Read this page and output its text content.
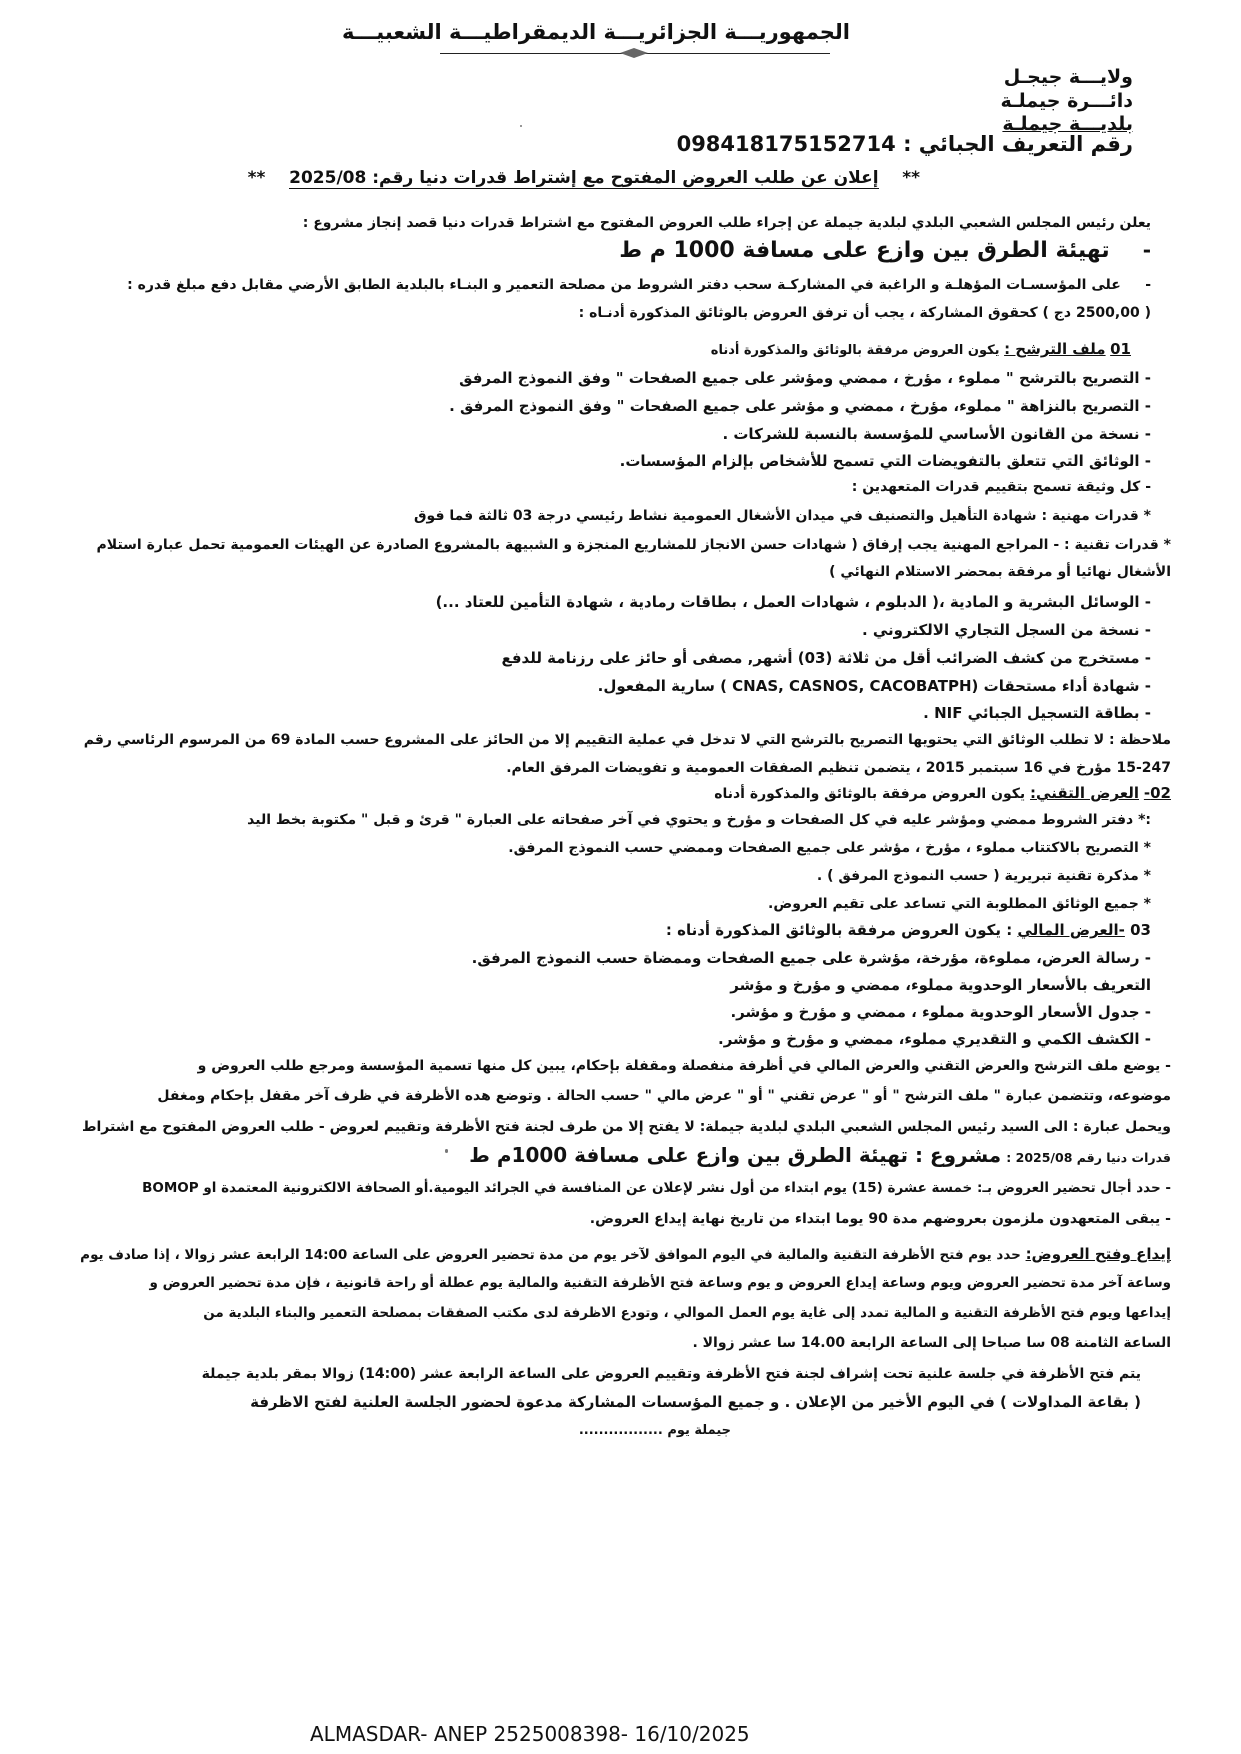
الجمهوريـــة الجزائريـــة الديمقراطيـــة الشعبيـــة
ولايـــة جيجـل
دائـــرة جيملـة
بلديـــة جيملـة
رقم التعريف الجبائي : 098418175152714
**    إعلان عن طلب العروض المفتوح مع إشتراط قدرات دنيا رقم: 2025/08    **
يعلن رئيس المجلس الشعبي البلدي لبلدية جيملة عن إجراء طلب العروض المفتوح مع اشتراط قدرات دنيا قصد إنجاز مشروع :
- تهيئة الطرق بين وازع على مسافة 1000 م ط
-     على المؤسسـات المؤهلـة و الراغبة في المشاركـة سحب دفتر الشروط من مصلحة التعمير و البنـاء بالبلدية الطابق الأرضي مقابل دفع مبلغ قدره :
( 2500,00 دج ) كحقوق المشاركة ، يجب أن ترفق العروض بالوثائق المذكورة أدنـاه :
01 ملف الترشح : يكون العروض مرفقة بالوثائق والمذكورة أدناه
- التصريح بالترشح " مملوء ، مؤرخ ، ممضي ومؤشر على جميع الصفحات " وفق النموذج المرفق
- التصريح بالنزاهة " مملوء، مؤرخ ، ممضي و مؤشر على جميع الصفحات " وفق النموذج المرفق .
- نسخة من القانون الأساسي للمؤسسة بالنسبة للشركات .
- الوثائق التي تتعلق بالتفويضات التي تسمح للأشخاص بإلزام المؤسسات.
- كل وثيقة تسمح بتقييم قدرات المتعهدين :
* قدرات مهنية : شهادة التأهيل والتصنيف في ميدان الأشغال العمومية نشاط رئيسي درجة 03 ثالثة فما فوق
* قدرات تقنية : - المراجع المهنية يجب إرفاق ( شهادات حسن الانجاز للمشاريع المنجزة و الشبيهة بالمشروع الصادرة عن الهيئات العمومية تحمل عبارة استلام
الأشغال نهائيا أو مرفقة بمحضر الاستلام النهائي )
- الوسائل البشرية و المادية ،( الدبلوم ، شهادات العمل ، بطاقات رمادية ، شهادة التأمين للعتاد ...)
- نسخة من السجل التجاري الالكتروني .
- مستخرج من كشف الضرائب أقل من ثلاثة (03) أشهر, مصفى أو حائز على رزنامة للدفع
- شهادة أداء مستحقات (CNAS, CASNOS, CACOBATPH ) سارية المفعول.
- بطاقة التسجيل الجبائي NIF .
ملاحظة : لا تطلب الوثائق التي يحتويها التصريح بالترشح التي لا تدخل في عملية التقييم إلا من الحائز على المشروع حسب المادة 69 من المرسوم الرئاسي رقم
15-247 مؤرخ في 16 سبتمبر 2015 ، يتضمن تنظيم الصفقات العمومية و تفويضات المرفق العام.
02- العرض التقني: يكون العروض مرفقة بالوثائق والمذكورة أدناه
:* دفتر الشروط ممضي ومؤشر عليه في كل الصفحات و مؤرخ و يحتوي في آخر صفحاته على العبارة " قرئ و قبل " مكتوبة بخط اليد
* التصريح بالاكتتاب مملوء ، مؤرخ ، مؤشر على جميع الصفحات وممضي حسب النموذج المرفق.
* مذكرة تقنية تبريرية ( حسب النموذج المرفق ) .
* جميع الوثائق المطلوبة التي تساعد على تقيم العروض.
03 -العرض المالي : يكون العروض مرفقة بالوثائق المذكورة أدناه :
- رسالة العرض، مملوءة، مؤرخة، مؤشرة على جميع الصفحات وممضاة حسب النموذج المرفق.
التعريف بالأسعار الوحدوية مملوء، ممضي و مؤرخ و مؤشر
- جدول الأسعار الوحدوية مملوء ، ممضي و مؤرخ و مؤشر.
- الكشف الكمي و التقديري مملوء، ممضي و مؤرخ و مؤشر.
- يوضع ملف الترشح والعرض التقني والعرض المالي في أظرفة منفصلة ومقفلة بإحكام، يبين كل منها تسمية المؤسسة ومرجع طلب العروض و
موضوعه، وتتضمن عبارة " ملف الترشح " أو " عرض تقني " أو " عرض مالي " حسب الحالة . وتوضع هده الأظرفة في ظرف آخر مقفل بإحكام ومغفل
ويحمل عبارة : الى السيد رئيس المجلس الشعبي البلدي لبلدية جيملة: لا يفتح إلا من طرف لجنة فتح الأظرفة وتقييم لعروض - طلب العروض المفتوح مع اشتراط
قدرات دنيا رقم 2025/08 : مشروع : تهيئة الطرق بين وازع على مسافة 1000م ط
- حدد أجال تحضير العروض بـ: خمسة عشرة (15) يوم ابتداء من أول نشر لإعلان عن المنافسة في الجرائد اليومية.أو الصحافة الالكترونية المعتمدة او BOMOP
- يبقى المتعهدون ملزمون بعروضهم مدة 90 يوما ابتداء من تاريخ نهاية إيداع العروض.
إيداع وفتح العروض: حدد يوم فتح الأظرفة التقنية والمالية في اليوم الموافق لآخر يوم من مدة تحضير العروض على الساعة 14:00 الرابعة عشر زوالا ، إذا صادف يوم
وساعة آخر مدة تحضير العروض ويوم وساعة إيداع العروض و يوم وساعة فتح الأظرفة التقنية والمالية يوم عطلة أو راحة قانونية ، فإن مدة تحضير العروض و
إيداعها ويوم فتح الأظرفة التقنية و المالية تمدد إلى غاية يوم العمل الموالي ، وتودع الاظرفة لدى مكتب الصفقات بمصلحة التعمير والبناء البلدية من
الساعة الثامنة 08 سا صباحا إلى الساعة الرابعة 14.00 سا عشر زوالا .
يتم فتح الأظرفة في جلسة علنية تحت إشراف لجنة فتح الأظرفة وتقييم العروض على الساعة الرابعة عشر (14:00) زوالا بمقر بلدية جيملة
( بقاعة المداولات ) في اليوم الأخير من الإعلان . و جميع المؤسسات المشاركة مدعوة لحضور الجلسة العلنية لفتح الاظرفة
جيملة يوم .................
ALMASDAR- ANEP 2525008398- 16/10/2025
